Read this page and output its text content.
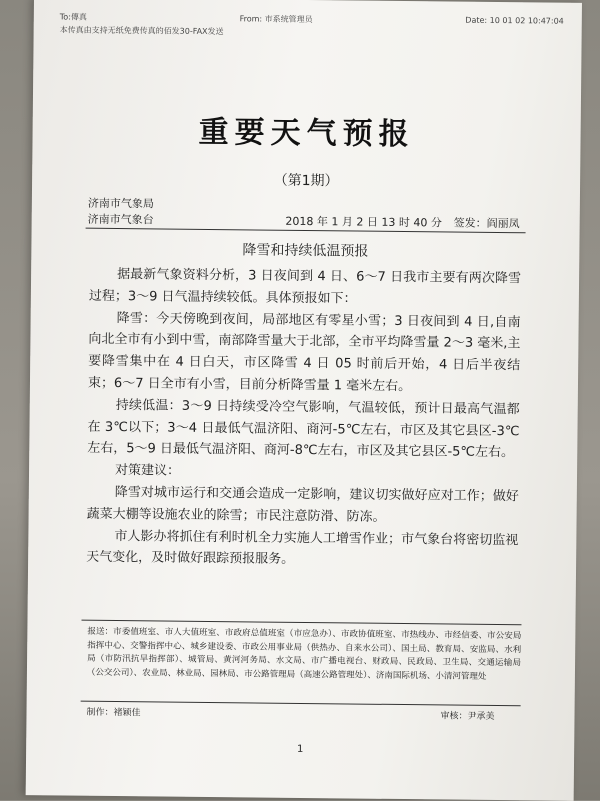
To:傳真	From: 市系统管理员	Date: 10 01 02 10:47:04
本传真由支持无纸免费传真的佰发30-FAX发送
重要天气预报
（第1期）
济南市气象局
济南市气象台	2018 年 1 月 2 日 13 时 40 分 签发：阎丽凤
降雪和持续低温预报

据最新气象资料分析，3 日夜间到 4 日、6～7 日我市主要有两次降雪过程；3～9 日气温持续较低。具体预报如下：

降雪：今天傍晚到夜间，局部地区有零星小雪；3 日夜间到 4 日,自南向北全市有小到中雪，南部降雪量大于北部，全市平均降雪量 2～3 毫米,主要降雪集中在 4 日白天，市区降雪 4 日 05 时前后开始，4 日后半夜结束；6～7 日全市有小雪，目前分析降雪量 1 毫米左右。

持续低温：3～9 日持续受冷空气影响，气温较低，预计日最高气温都在 3℃以下；3～4 日最低气温济阳、商河-5℃左右，市区及其它县区-3℃左右，5～9 日最低气温济阳、商河-8℃左右，市区及其它县区-5℃左右。

对策建议：

降雪对城市运行和交通会造成一定影响，建议切实做好应对工作；做好蔬菜大棚等设施农业的除雪；市民注意防滑、防冻。

市人影办将抓住有利时机全力实施人工增雪作业；市气象台将密切监视天气变化，及时做好跟踪预报服务。

报送：市委值班室、市人大值班室、市政府总值班室（市应急办）、市政协值班室、市热线办、市经信委、市公安局指挥中心、交警指挥中心、城乡建设委、市政公用事业局（供热办、自来水公司）、国土局、教育局、安监局、水利局（市防汛抗旱指挥部）、城管局、黄河河务局、水文局、市广播电视台、财政局、民政局、卫生局、交通运输局（公交公司）、农业局、林业局、园林局、市公路管理局（高速公路管理处）、济南国际机场、小清河管理处
制作：褚颖佳	审核：尹承美
1
